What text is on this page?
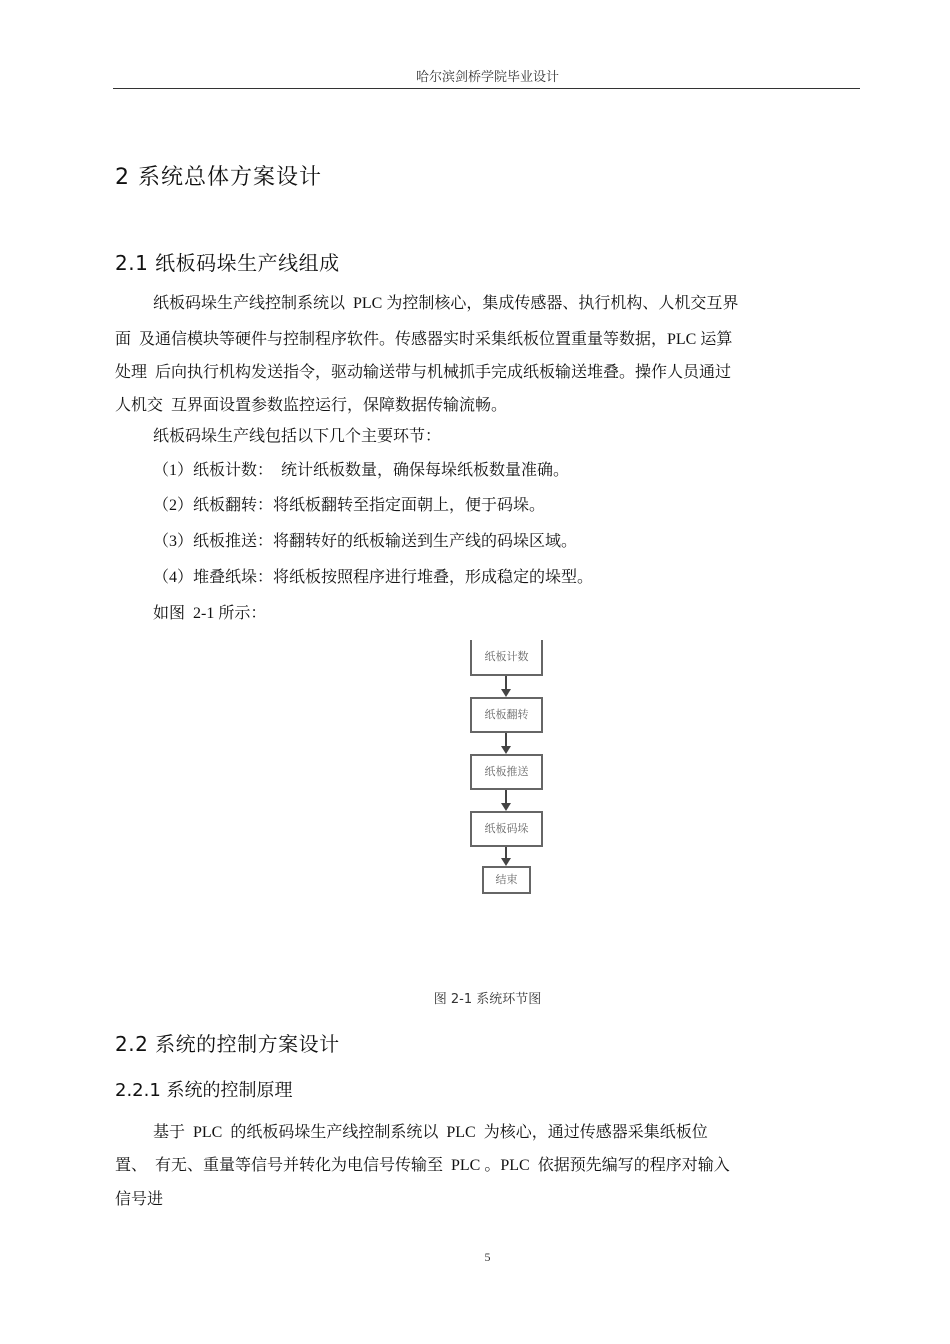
哈尔滨剑桥学院毕业设计
2 系统总体方案设计
2.1 纸板码垛生产线组成
纸板码垛生产线控制系统以  PLC 为控制核心，集成传感器、执行机构、人机交互界
面  及通信模块等硬件与控制程序软件。传感器实时采集纸板位置重量等数据，PLC 运算
处理  后向执行机构发送指令，驱动输送带与机械抓手完成纸板输送堆叠。操作人员通过
人机交  互界面设置参数监控运行，保障数据传输流畅。
纸板码垛生产线包括以下几个主要环节：
（1）纸板计数：  统计纸板数量，确保每垛纸板数量准确。
（2）纸板翻转：将纸板翻转至指定面朝上，便于码垛。
（3）纸板推送：将翻转好的纸板输送到生产线的码垛区域。
（4）堆叠纸垛：将纸板按照程序进行堆叠，形成稳定的垛型。
如图  2-1 所示：
纸板计数
纸板翻转
纸板推送
纸板码垛
结束
图 2-1 系统环节图
2.2 系统的控制方案设计
2.2.1 系统的控制原理
基于  PLC  的纸板码垛生产线控制系统以  PLC  为核心，通过传感器采集纸板位
置、  有无、重量等信号并转化为电信号传输至  PLC 。PLC  依据预先编写的程序对输入
信号进
5
